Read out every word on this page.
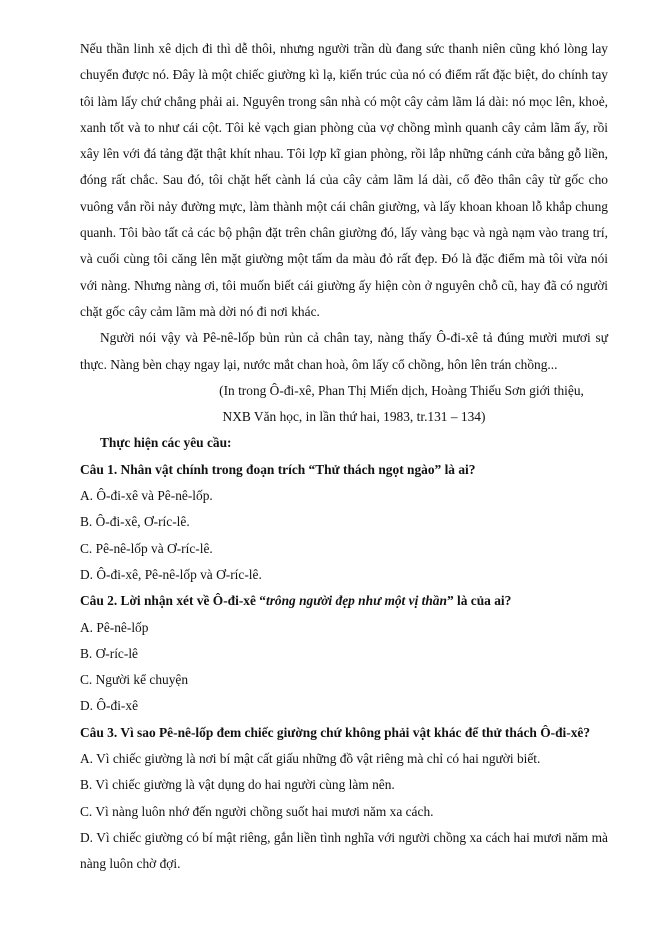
Nếu thần linh xê dịch đi thì dễ thôi, nhưng người trần dù đang sức thanh niên cũng khó lòng lay chuyển được nó. Đây là một chiếc giường kì lạ, kiến trúc của nó có điểm rất đặc biệt, do chính tay tôi làm lấy chứ chẳng phải ai. Nguyên trong sân nhà có một cây cảm lãm lá dài: nó mọc lên, khoẻ, xanh tốt và to như cái cột. Tôi kẻ vạch gian phòng của vợ chồng mình quanh cây cảm lãm ấy, rồi xây lên với đá tảng đặt thật khít nhau. Tôi lợp kĩ gian phòng, rồi lắp những cánh cửa bằng gỗ liền, đóng rất chắc. Sau đó, tôi chặt hết cành lá của cây cảm lãm lá dài, cổ đẽo thân cây từ gốc cho vuông vắn rồi nảy đường mực, làm thành một cái chân giường, và lấy khoan khoan lỗ khắp chung quanh. Tôi bào tất cả các bộ phận đặt trên chân giường đó, lấy vàng bạc và ngà nạm vào trang trí, và cuối cùng tôi căng lên mặt giường một tấm da màu đỏ rất đẹp. Đó là đặc điểm mà tôi vừa nói với nàng. Nhưng nàng ơi, tôi muốn biết cái giường ấy hiện còn ở nguyên chỗ cũ, hay đã có người chặt gốc cây cảm lãm mà dời nó đi nơi khác.

Người nói vậy và Pê-nê-lốp bủn rủn cả chân tay, nàng thấy Ô-đi-xê tả đúng mười mươi sự thực. Nàng bèn chạy ngay lại, nước mắt chan hoà, ôm lấy cổ chồng, hôn lên trán chồng...

(In trong Ô-đi-xê, Phan Thị Miến dịch, Hoàng Thiếu Sơn giới thiệu,

NXB Văn học, in lần thứ hai, 1983, tr.131 – 134)

Thực hiện các yêu cầu:

Câu 1. Nhân vật chính trong đoạn trích “Thử thách ngọt ngào” là ai?

A. Ô-đi-xê và Pê-nê-lốp.

B. Ô-đi-xê, Ơ-ríc-lê.

C. Pê-nê-lốp và Ơ-ríc-lê.

D. Ô-đi-xê, Pê-nê-lốp và Ơ-ríc-lê.

Câu 2. Lời nhận xét về Ô-đi-xê “trông người đẹp như một vị thần” là của ai?

A. Pê-nê-lốp

B. Ơ-ríc-lê

C. Người kể chuyện

D. Ô-đi-xê

Câu 3. Vì sao Pê-nê-lốp đem chiếc giường chứ không phải vật khác để thử thách Ô-đi-xê?

A. Vì chiếc giường là nơi bí mật cất giấu những đồ vật riêng mà chỉ có hai người biết.

B. Vì chiếc giường là vật dụng do hai người cùng làm nên.

C. Vì nàng luôn nhớ đến người chồng suốt hai mươi năm xa cách.

D. Vì chiếc giường có bí mật riêng, gắn liền tình nghĩa với người chồng xa cách hai mươi năm mà nàng luôn chờ đợi.
